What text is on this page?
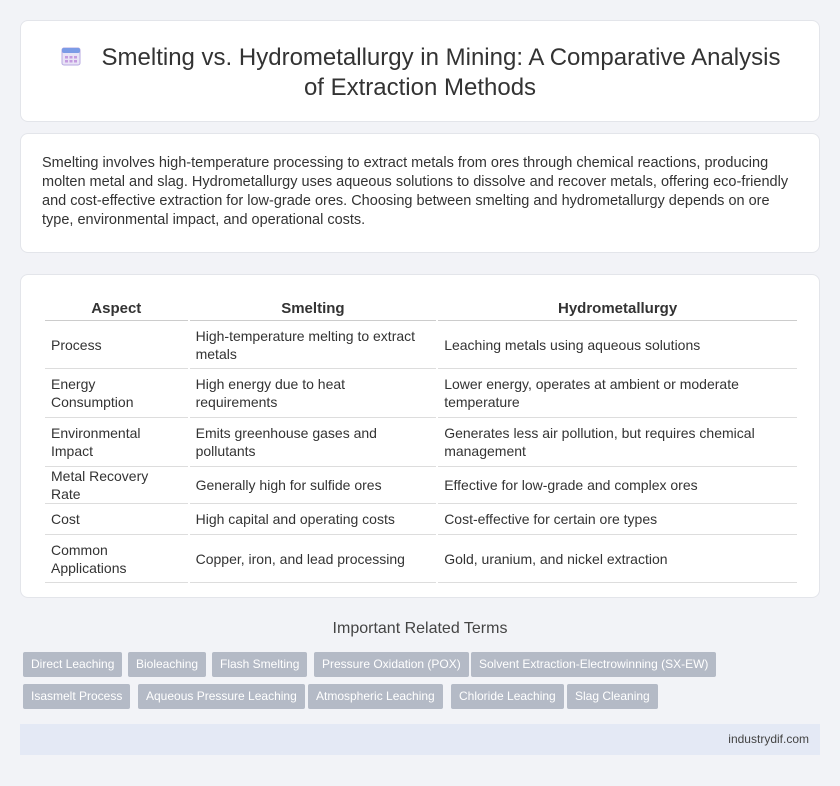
Smelting vs. Hydrometallurgy in Mining: A Comparative Analysis of Extraction Methods

Smelting involves high-temperature processing to extract metals from ores through chemical reactions, producing molten metal and slag. Hydrometallurgy uses aqueous solutions to dissolve and recover metals, offering eco-friendly and cost-effective extraction for low-grade ores. Choosing between smelting and hydrometallurgy depends on ore type, environmental impact, and operational costs.

Aspect	Smelting	Hydrometallurgy
Process	High-temperature melting to extract metals	Leaching metals using aqueous solutions
Energy Consumption	High energy due to heat requirements	Lower energy, operates at ambient or moderate temperature
Environmental Impact	Emits greenhouse gases and pollutants	Generates less air pollution, but requires chemical management
Metal Recovery Rate	Generally high for sulfide ores	Effective for low-grade and complex ores
Cost	High capital and operating costs	Cost-effective for certain ore types
Common Applications	Copper, iron, and lead processing	Gold, uranium, and nickel extraction
Important Related Terms
Direct Leaching	Bioleaching	Flash Smelting	Pressure Oxidation (POX)	Solvent Extraction-Electrowinning (SX-EW)
Isasmelt Process	Aqueous Pressure Leaching	Atmospheric Leaching	Chloride Leaching	Slag Cleaning
industrydif.com
